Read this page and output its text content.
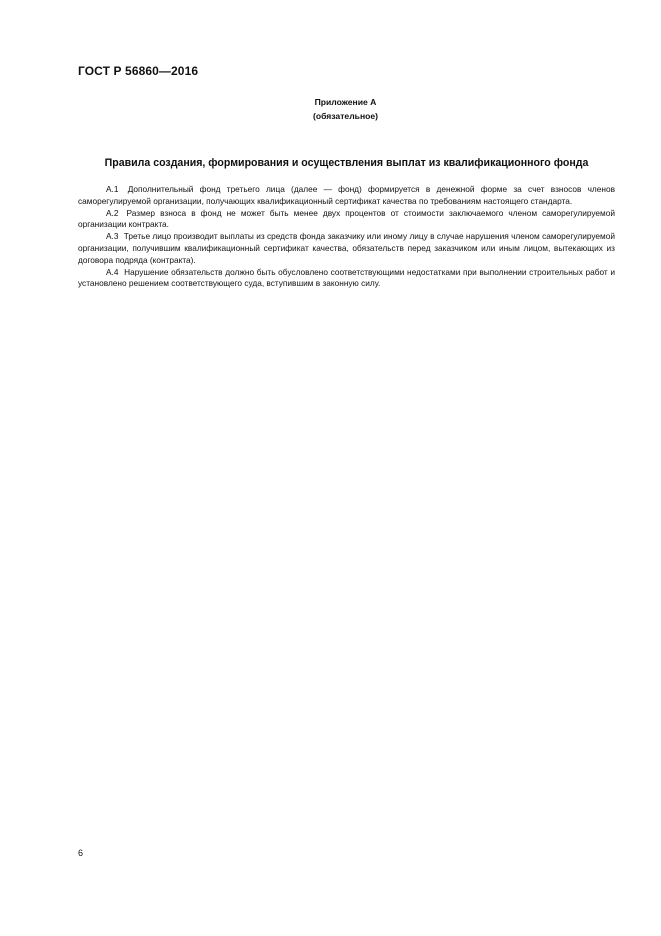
ГОСТ Р 56860—2016
Приложение А
(обязательное)
Правила создания, формирования и осуществления выплат из квалификационного фонда

А.1 Дополнительный фонд третьего лица (далее — фонд) формируется в денежной форме за счет взносов членов саморегулируемой организации, получающих квалификационный сертификат качества по требованиям настоящего стандарта.

А.2 Размер взноса в фонд не может быть менее двух процентов от стоимости заключаемого членом саморегулируемой организации контракта.

А.3 Третье лицо производит выплаты из средств фонда заказчику или иному лицу в случае нарушения членом саморегулируемой организации, получившим квалификационный сертификат качества, обязательств перед заказчиком или иным лицом, вытекающих из договора подряда (контракта).

А.4 Нарушение обязательств должно быть обусловлено соответствующими недостатками при выполнении строительных работ и установлено решением соответствующего суда, вступившим в законную силу.

6
